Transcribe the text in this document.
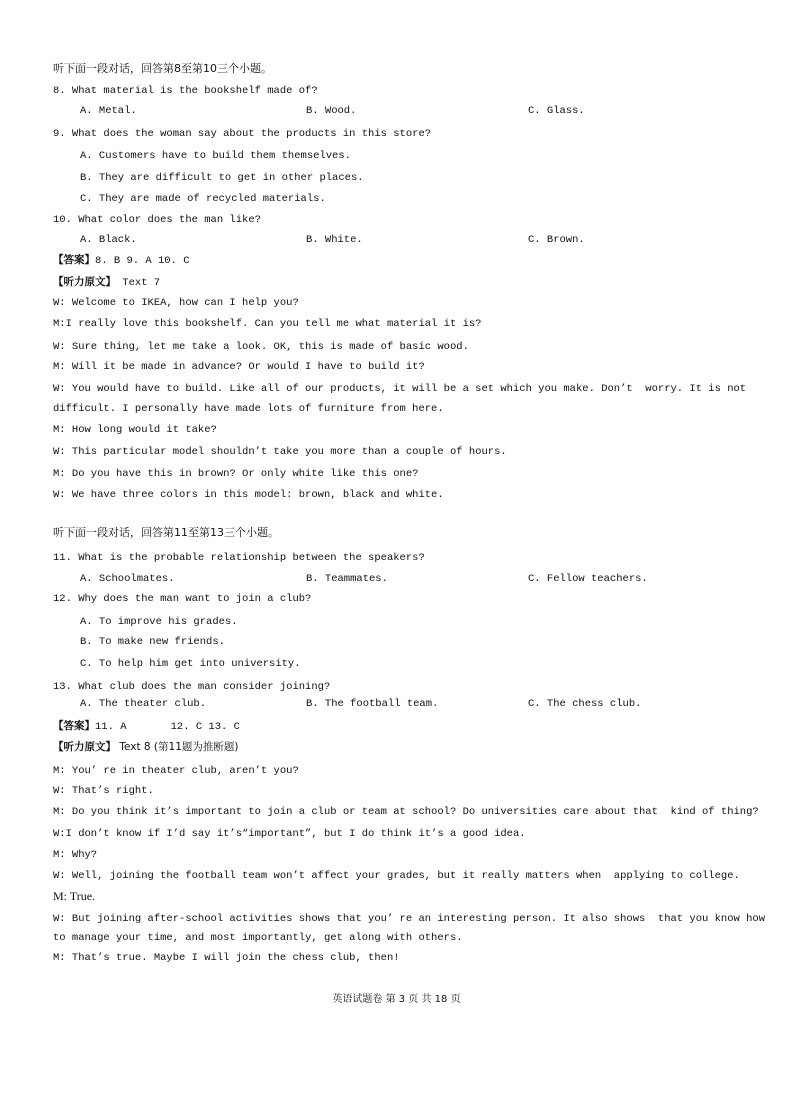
听下面一段对话，回答第8至第10三个小题。
8. What material is the bookshelf made of?
A. Metal.	B. Wood.	C. Glass.
9. What does the woman say about the products in this store?
A. Customers have to build them themselves.
B. They are difficult to get in other places.
C. They are made of recycled materials.
10. What color does the man like?
A. Black.	B. White.	C. Brown.
【答案】8. B 9. A 10. C
【听力原文】 Text 7
W: Welcome to IKEA, how can I help you?
M:I really love this bookshelf. Can you tell me what material it is?
W: Sure thing, let me take a look. OK, this is made of basic wood.
M: Will it be made in advance? Or would I have to build it?
W: You would have to build. Like all of our products, it will be a set which you make. Don’t  worry. It is not
difficult. I personally have made lots of furniture from here.
M: How long would it take?
W: This particular model shouldn’t take you more than a couple of hours.
M: Do you have this in brown? Or only white like this one?
W: We have three colors in this model: brown, black and white.
听下面一段对话，回答第11至第13三个小题。
11. What is the probable relationship between the speakers?
A. Schoolmates.	B. Teammates.	C. Fellow teachers.
12. Why does the man want to join a club?
A. To improve his grades.
B. To make new friends.
C. To help him get into university.
13. What club does the man consider joining?
A. The theater club.	B. The football team.	C. The chess club.
【答案】11. A       12. C 13. C
【听力原文】 Text 8 (第11题为推断题)
M: You’ re in theater club, aren’t you?
W: That’s right.
M: Do you think it’s important to join a club or team at school? Do universities care about that  kind of thing?
W:I don’t know if I’d say it’s“important”, but I do think it’s a good idea.
M: Why?
W: Well, joining the football team won’t affect your grades, but it really matters when  applying to college.
M: True.
W: But joining after-school activities shows that you’ re an interesting person. It also shows  that you know how
to manage your time, and most importantly, get along with others.
M: That’s true. Maybe I will join the chess club, then!
英语试题卷 第 3 页 共 18 页
